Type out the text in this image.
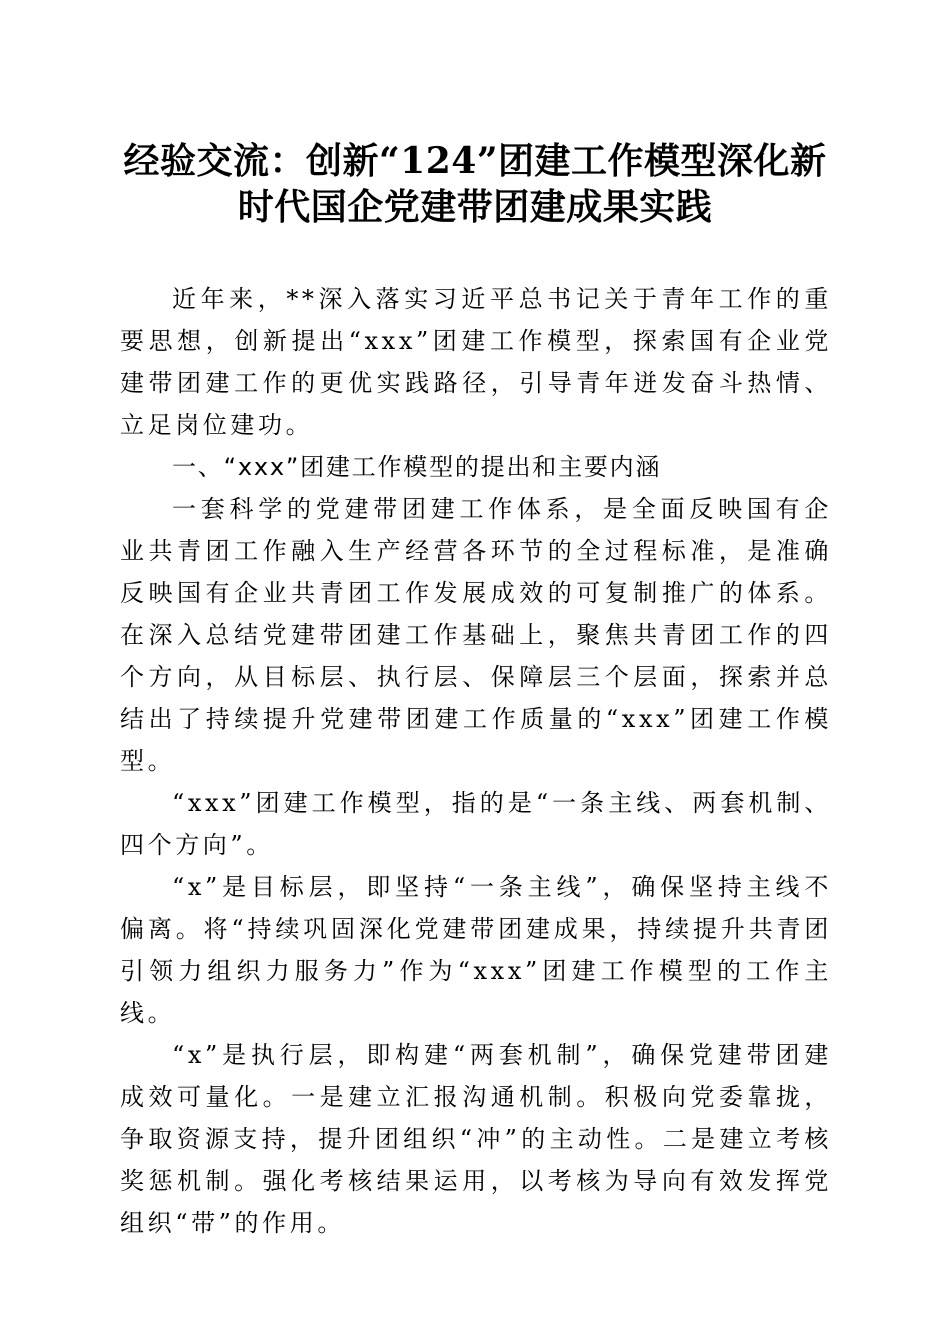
经验交流：创新“124”团建工作模型深化新
时代国企党建带团建成果实践

近年来，**深入落实习近平总书记关于青年工作的重要思想，创新提出“xxx”团建工作模型，探索国有企业党建带团建工作的更优实践路径，引导青年迸发奋斗热情、立足岗位建功。

一、“xxx”团建工作模型的提出和主要内涵

一套科学的党建带团建工作体系，是全面反映国有企业共青团工作融入生产经营各环节的全过程标准，是准确反映国有企业共青团工作发展成效的可复制推广的体系。在深入总结党建带团建工作基础上，聚焦共青团工作的四个方向，从目标层、执行层、保障层三个层面，探索并总结出了持续提升党建带团建工作质量的“xxx”团建工作模型。

“xxx”团建工作模型，指的是“一条主线、两套机制、四个方向”。

“x”是目标层，即坚持“一条主线”，确保坚持主线不偏离。将“持续巩固深化党建带团建成果，持续提升共青团引领力组织力服务力”作为“xxx”团建工作模型的工作主线。

“x”是执行层，即构建“两套机制”，确保党建带团建成效可量化。一是建立汇报沟通机制。积极向党委靠拢，争取资源支持，提升团组织“冲”的主动性。二是建立考核奖惩机制。强化考核结果运用，以考核为导向有效发挥党组织“带”的作用。
